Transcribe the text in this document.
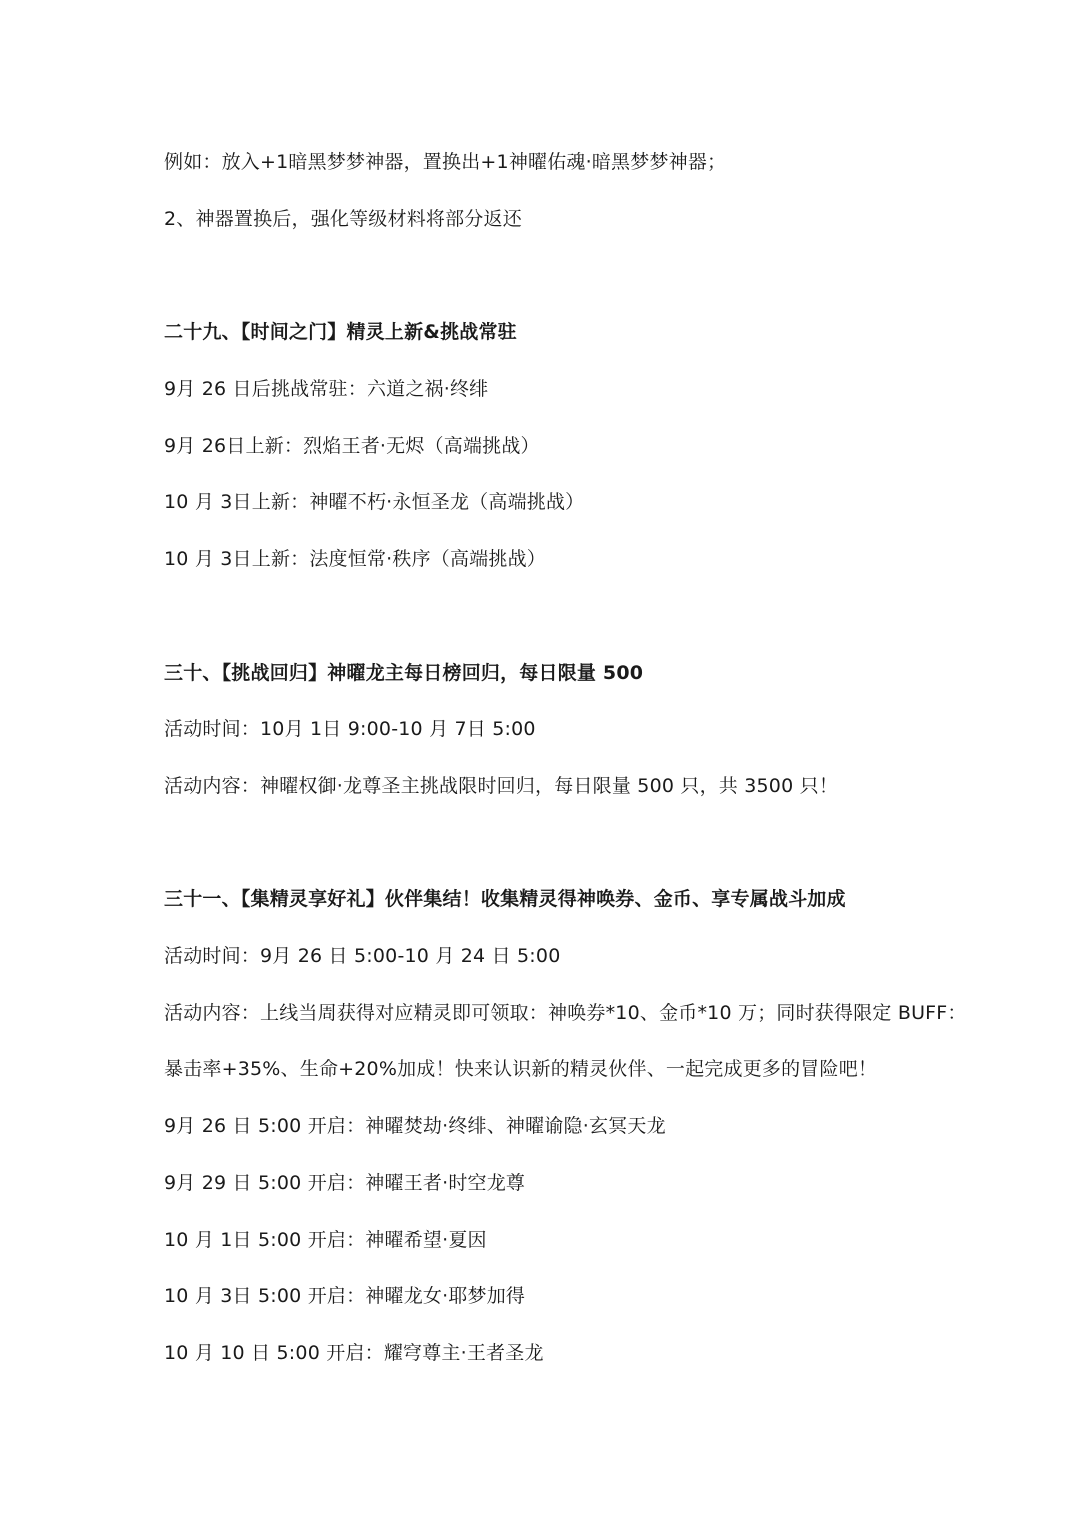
例如：放入+1暗黑梦梦神器，置换出+1神曜佑魂·暗黑梦梦神器；
2、神器置换后，强化等级材料将部分返还
二十九、【时间之门】精灵上新&挑战常驻
9月 26 日后挑战常驻：六道之祸·终绯
9月 26日上新：烈焰王者·无烬（高端挑战）
10 月 3日上新：神曜不朽·永恒圣龙（高端挑战）
10 月 3日上新：法度恒常·秩序（高端挑战）
三十、【挑战回归】神曜龙主每日榜回归，每日限量 500
活动时间：10月 1日 9:00-10 月 7日 5:00
活动内容：神曜权御·龙尊圣主挑战限时回归，每日限量 500 只，共 3500 只！
三十一、【集精灵享好礼】伙伴集结！收集精灵得神唤券、金币、享专属战斗加成
活动时间：9月 26 日 5:00-10 月 24 日 5:00
活动内容：上线当周获得对应精灵即可领取：神唤券*10、金币*10 万；同时获得限定 BUFF：
暴击率+35%、生命+20%加成！快来认识新的精灵伙伴、一起完成更多的冒险吧！
9月 26 日 5:00 开启：神曜焚劫·终绯、神曜谕隐·玄冥天龙
9月 29 日 5:00 开启：神曜王者·时空龙尊
10 月 1日 5:00 开启：神曜希望·夏因
10 月 3日 5:00 开启：神曜龙女·耶梦加得
10 月 10 日 5:00 开启：耀穹尊主·王者圣龙
